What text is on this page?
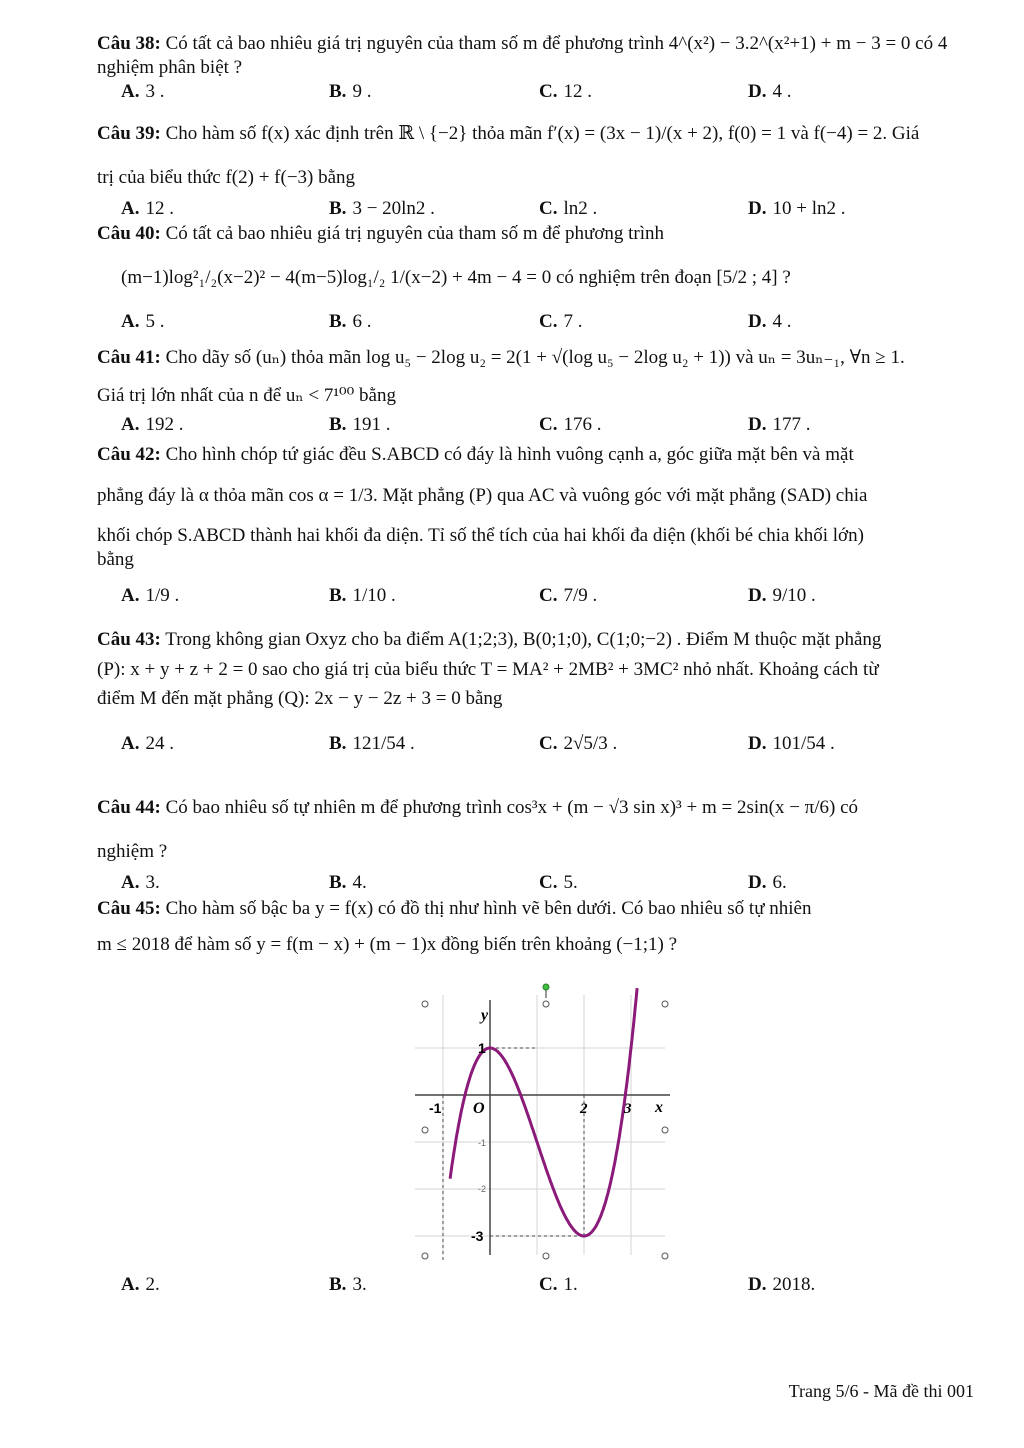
Câu 38: Có tất cả bao nhiêu giá trị nguyên của tham số m để phương trình 4^(x²) − 3.2^(x²+1) + m − 3 = 0 có 4
nghiệm phân biệt ?
A. 3 .	B. 9 .	C. 12 .	D. 4 .
Câu 39: Cho hàm số f(x) xác định trên ℝ \ {−2} thỏa mãn f′(x) = (3x − 1)/(x + 2), f(0) = 1 và f(−4) = 2. Giá
trị của biểu thức f(2) + f(−3) bằng
A. 12 .	B. 3 − 20ln2 .	C. ln2 .	D. 10 + ln2 .
Câu 40: Có tất cả bao nhiêu giá trị nguyên của tham số m để phương trình
(m−1)log²₁/₂(x−2)² − 4(m−5)log₁/₂ 1/(x−2) + 4m − 4 = 0 có nghiệm trên đoạn [5/2 ; 4] ?
A. 5 .	B. 6 .	C. 7 .	D. 4 .
Câu 41: Cho dãy số (uₙ) thỏa mãn log u₅ − 2log u₂ = 2(1 + √(log u₅ − 2log u₂ + 1)) và uₙ = 3uₙ₋₁, ∀n ≥ 1.
Giá trị lớn nhất của n để uₙ < 7¹⁰⁰ bằng
A. 192 .	B. 191 .	C. 176 .	D. 177 .
Câu 42: Cho hình chóp tứ giác đều S.ABCD có đáy là hình vuông cạnh a, góc giữa mặt bên và mặt
phẳng đáy là α thỏa mãn cos α = 1/3. Mặt phẳng (P) qua AC và vuông góc với mặt phẳng (SAD) chia
khối chóp S.ABCD thành hai khối đa diện. Tỉ số thể tích của hai khối đa diện (khối bé chia khối lớn)
bằng
A. 1/9 .	B. 1/10 .	C. 7/9 .	D. 9/10 .
Câu 43: Trong không gian Oxyz cho ba điểm A(1;2;3), B(0;1;0), C(1;0;−2) . Điểm M thuộc mặt phẳng
(P): x + y + z + 2 = 0 sao cho giá trị của biểu thức T = MA² + 2MB² + 3MC² nhỏ nhất. Khoảng cách từ
điểm M đến mặt phẳng (Q): 2x − y − 2z + 3 = 0 bằng
A. 24 .	B. 121/54 .	C. 2√5/3 .	D. 101/54 .
Câu 44: Có bao nhiêu số tự nhiên m để phương trình cos³x + (m − √3 sin x)³ + m = 2sin(x − π/6) có
nghiệm ?
A. 3.	B. 4.	C. 5.	D. 6.
Câu 45: Cho hàm số bậc ba y = f(x) có đồ thị như hình vẽ bên dưới. Có bao nhiêu số tự nhiên
m ≤ 2018 để hàm số y = f(m − x) + (m − 1)x đồng biến trên khoảng (−1;1) ?
y
x
O
-1	2 3
1
-1
-2
-3
A. 2.	B. 3.	C. 1.	D. 2018.
Trang 5/6 - Mã đề thi 001
